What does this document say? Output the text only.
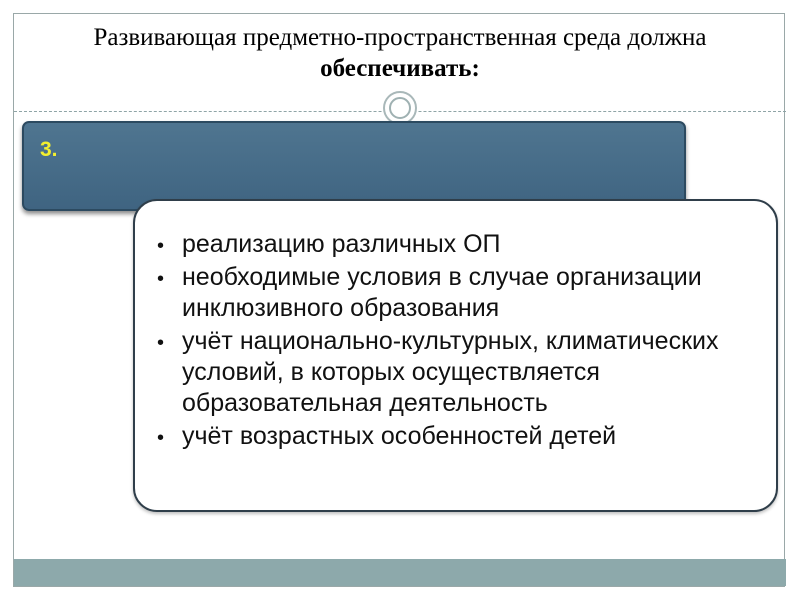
Развивающая предметно-пространственная среда должна
обеспечивать:
3.
•
реализацию различных ОП
•
необходимые условия в случае организации инклюзивного образования
•
учёт национально-культурных, климатических условий, в которых осуществляется образовательная деятельность
•
учёт возрастных особенностей детей
